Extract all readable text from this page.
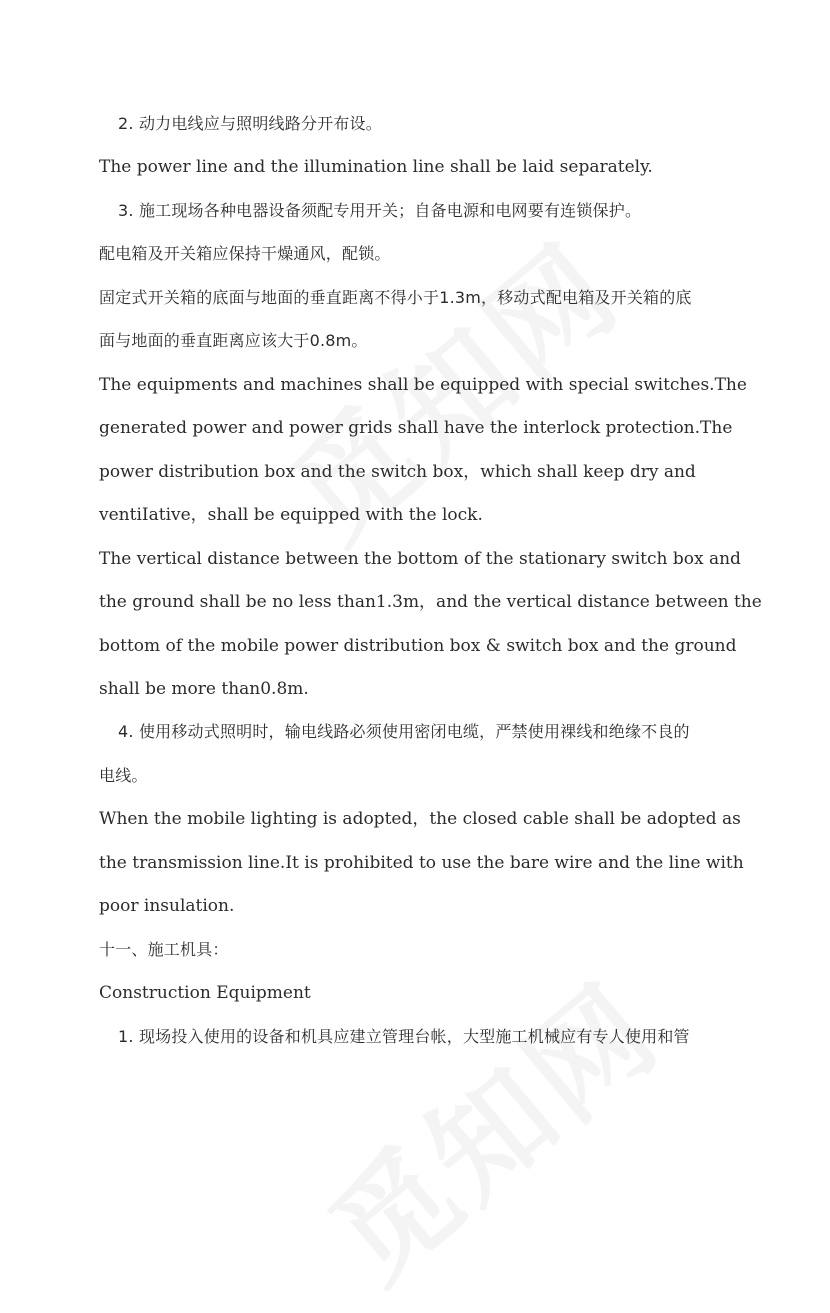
2. 动力电线应与照明线路分开布设。
The power line and the illumination line shall be laid separately.
3. 施工现场各种电器设备须配专用开关；自备电源和电网要有连锁保护。
配电箱及开关箱应保持干燥通风，配锁。
固定式开关箱的底面与地面的垂直距离不得小于1.3m，移动式配电箱及开关箱的底
面与地面的垂直距离应该大于0.8m。
The equipments and machines shall be equipped with special switches.The
generated power and power grids shall have the interlock protection.The
power distribution box and the switch box，which shall keep dry and
ventiIative，shall be equipped with the lock.
The vertical distance between the bottom of the stationary switch box and
the ground shall be no less than1.3m，and the vertical distance between the
bottom of the mobile power distribution box & switch box and the ground
shall be more than0.8m.
4. 使用移动式照明时，输电线路必须使用密闭电缆，严禁使用裸线和绝缘不良的
电线。
When the mobile lighting is adopted，the closed cable shall be adopted as
the transmission line.It is prohibited to use the bare wire and the line with
poor insulation.
十一、施工机具：
Construction Equipment
1. 现场投入使用的设备和机具应建立管理台帐，大型施工机械应有专人使用和管
